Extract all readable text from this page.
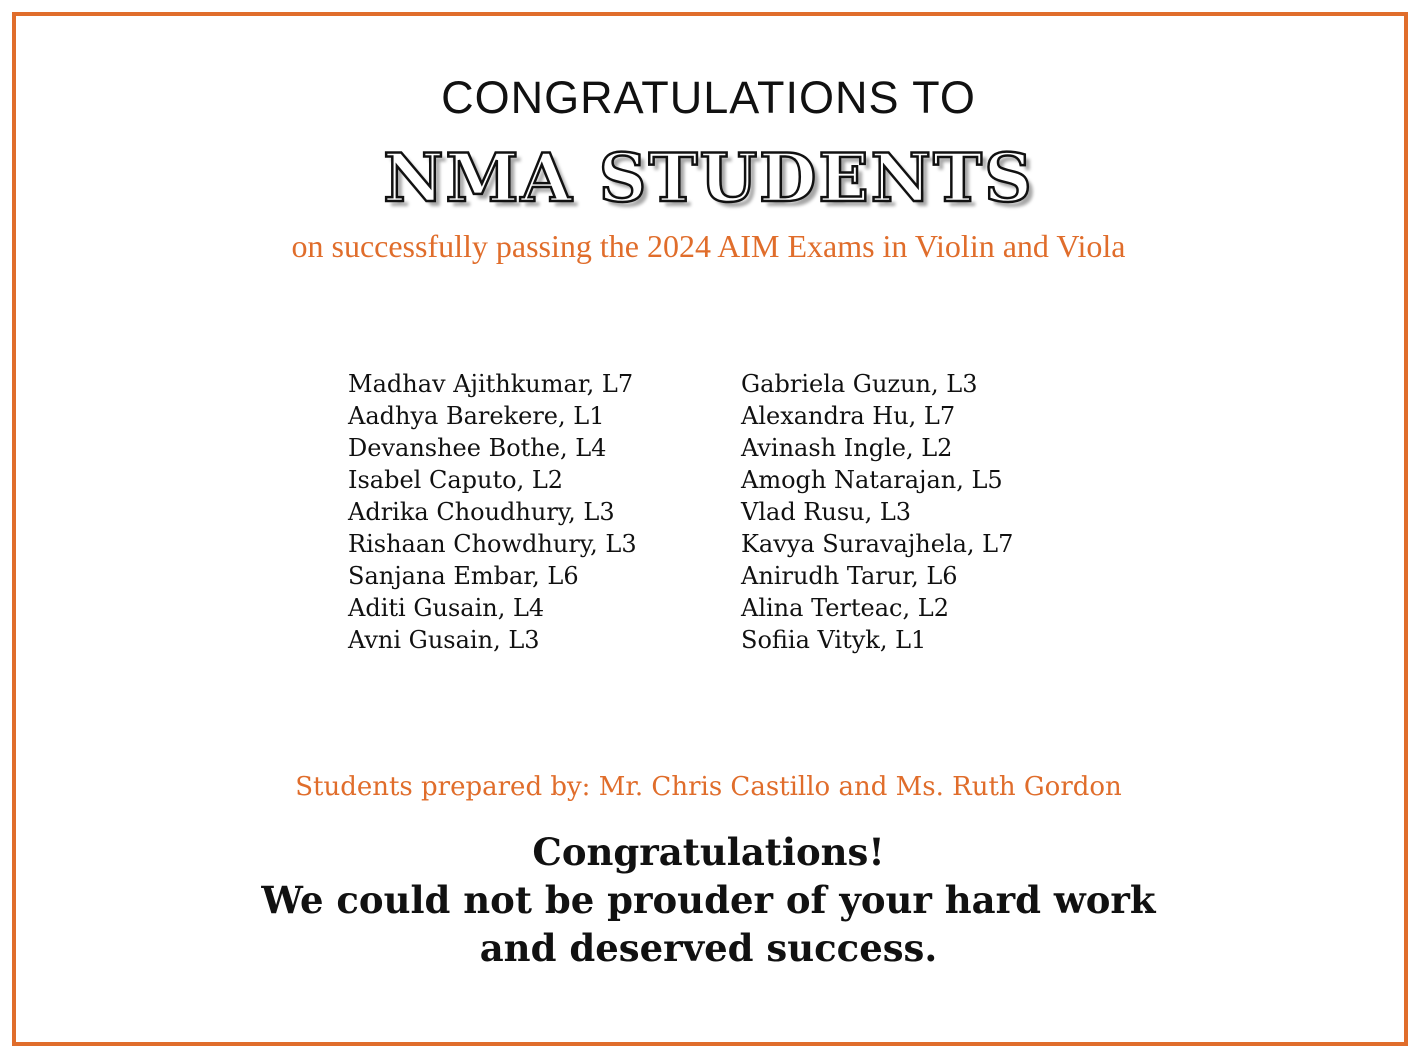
CONGRATULATIONS TO
NMA STUDENTS
on successfully passing the 2024 AIM Exams in Violin and Viola
Madhav Ajithkumar, L7
Aadhya Barekere, L1
Devanshee Bothe, L4
Isabel Caputo, L2
Adrika Choudhury, L3
Rishaan Chowdhury, L3
Sanjana Embar, L6
Aditi Gusain, L4
Avni Gusain, L3
Gabriela Guzun, L3
Alexandra Hu, L7
Avinash Ingle, L2
Amogh Natarajan, L5
Vlad Rusu, L3
Kavya Suravajhela, L7
Anirudh Tarur, L6
Alina Terteac, L2
Sofiia Vityk, L1
Students prepared by: Mr. Chris Castillo and Ms. Ruth Gordon
Congratulations!
We could not be prouder of your hard work
and deserved success.
